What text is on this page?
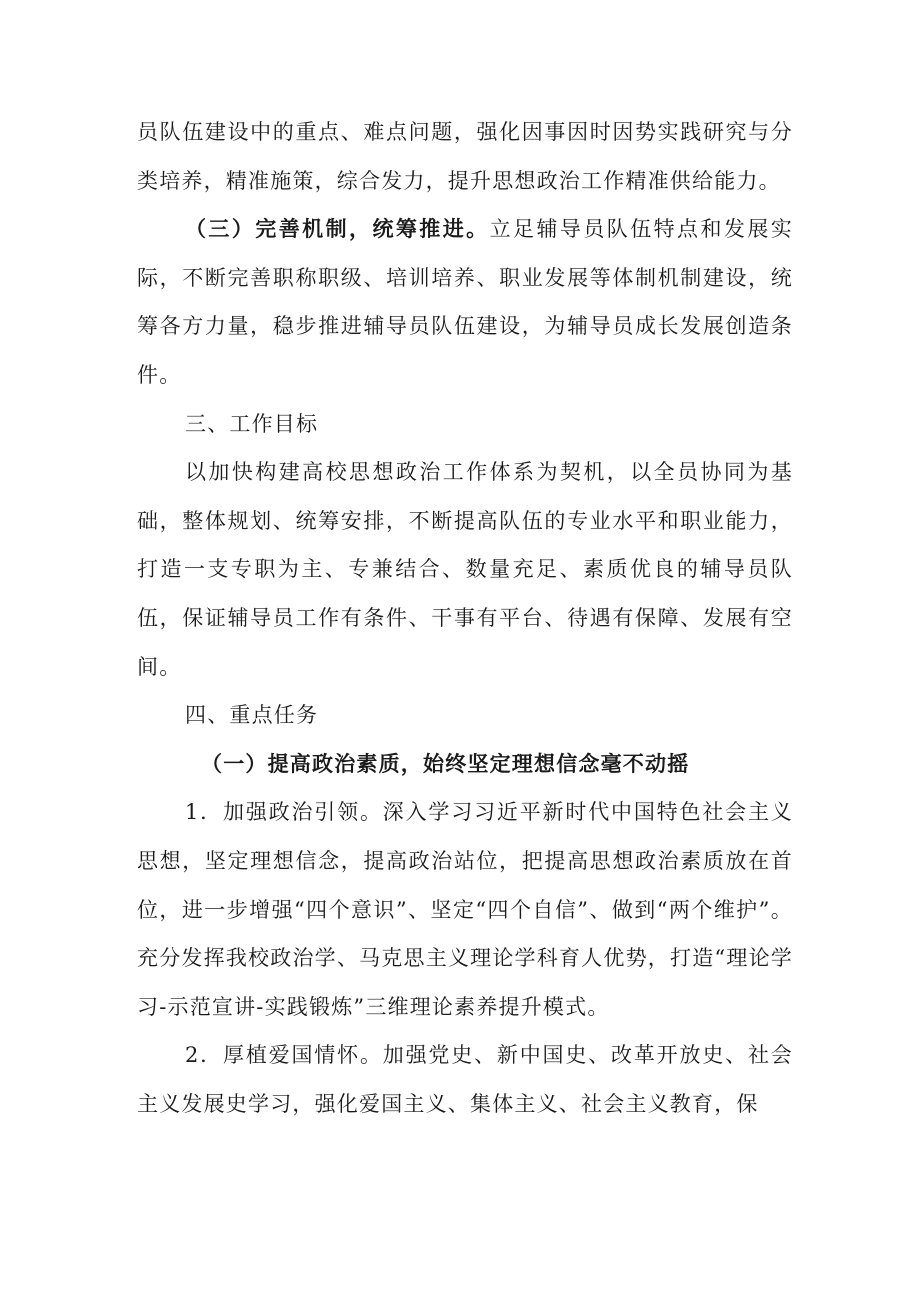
员队伍建设中的重点、难点问题，强化因事因时因势实践研究与分类培养，精准施策，综合发力，提升思想政治工作精准供给能力。

（三）完善机制，统筹推进。立足辅导员队伍特点和发展实际，不断完善职称职级、培训培养、职业发展等体制机制建设，统筹各方力量，稳步推进辅导员队伍建设，为辅导员成长发展创造条件。

三、工作目标

以加快构建高校思想政治工作体系为契机，以全员协同为基础，整体规划、统筹安排，不断提高队伍的专业水平和职业能力，打造一支专职为主、专兼结合、数量充足、素质优良的辅导员队伍，保证辅导员工作有条件、干事有平台、待遇有保障、发展有空间。

四、重点任务

（一）提高政治素质，始终坚定理想信念毫不动摇

1．加强政治引领。深入学习习近平新时代中国特色社会主义思想，坚定理想信念，提高政治站位，把提高思想政治素质放在首位，进一步增强“四个意识”、坚定“四个自信”、做到“两个维护”。充分发挥我校政治学、马克思主义理论学科育人优势，打造“理论学习-示范宣讲-实践锻炼”三维理论素养提升模式。

2．厚植爱国情怀。加强党史、新中国史、改革开放史、社会主义发展史学习，强化爱国主义、集体主义、社会主义教育，保
